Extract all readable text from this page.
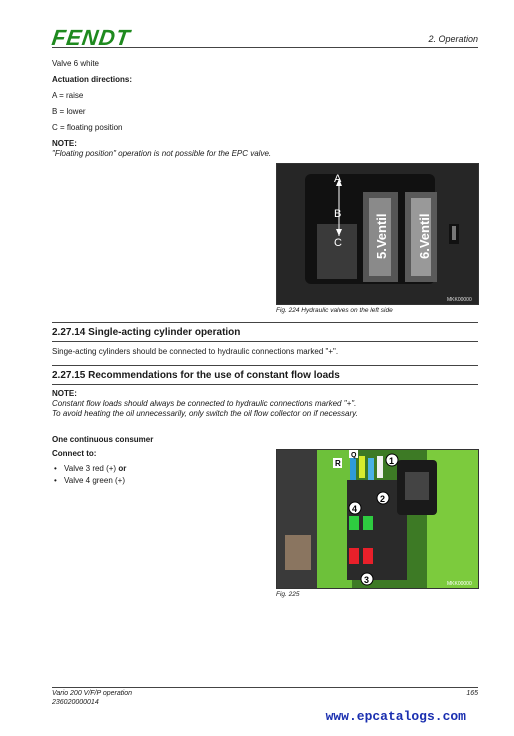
FENDT	2. Operation
Valve 6 white
Actuation directions:
A = raise
B = lower
C = floating position
NOTE:
"Floating position" operation is not possible for the EPC valve.
A
B
C 5.Ventil 6.Ventil
MKK00000
Fig. 224 Hydraulic valves on the left side
2.27.14 Single-acting cylinder operation
Singe-acting cylinders should be connected to hydraulic connections marked "+".
2.27.15 Recommendations for the use of constant flow loads
NOTE:
Constant flow loads should always be connected to hydraulic connections marked "+".
To avoid heating the oil unnecessarily, only switch the oil flow collector on if necessary.
One continuous consumer
Connect to:
• Valve 3 red (+) or
• Valve 4 green (+)
1
2
4
3
R
Q
MKK00000
Fig. 225
Vario 200 V/F/P operation
236020000014
165
www.epcatalogs.com
